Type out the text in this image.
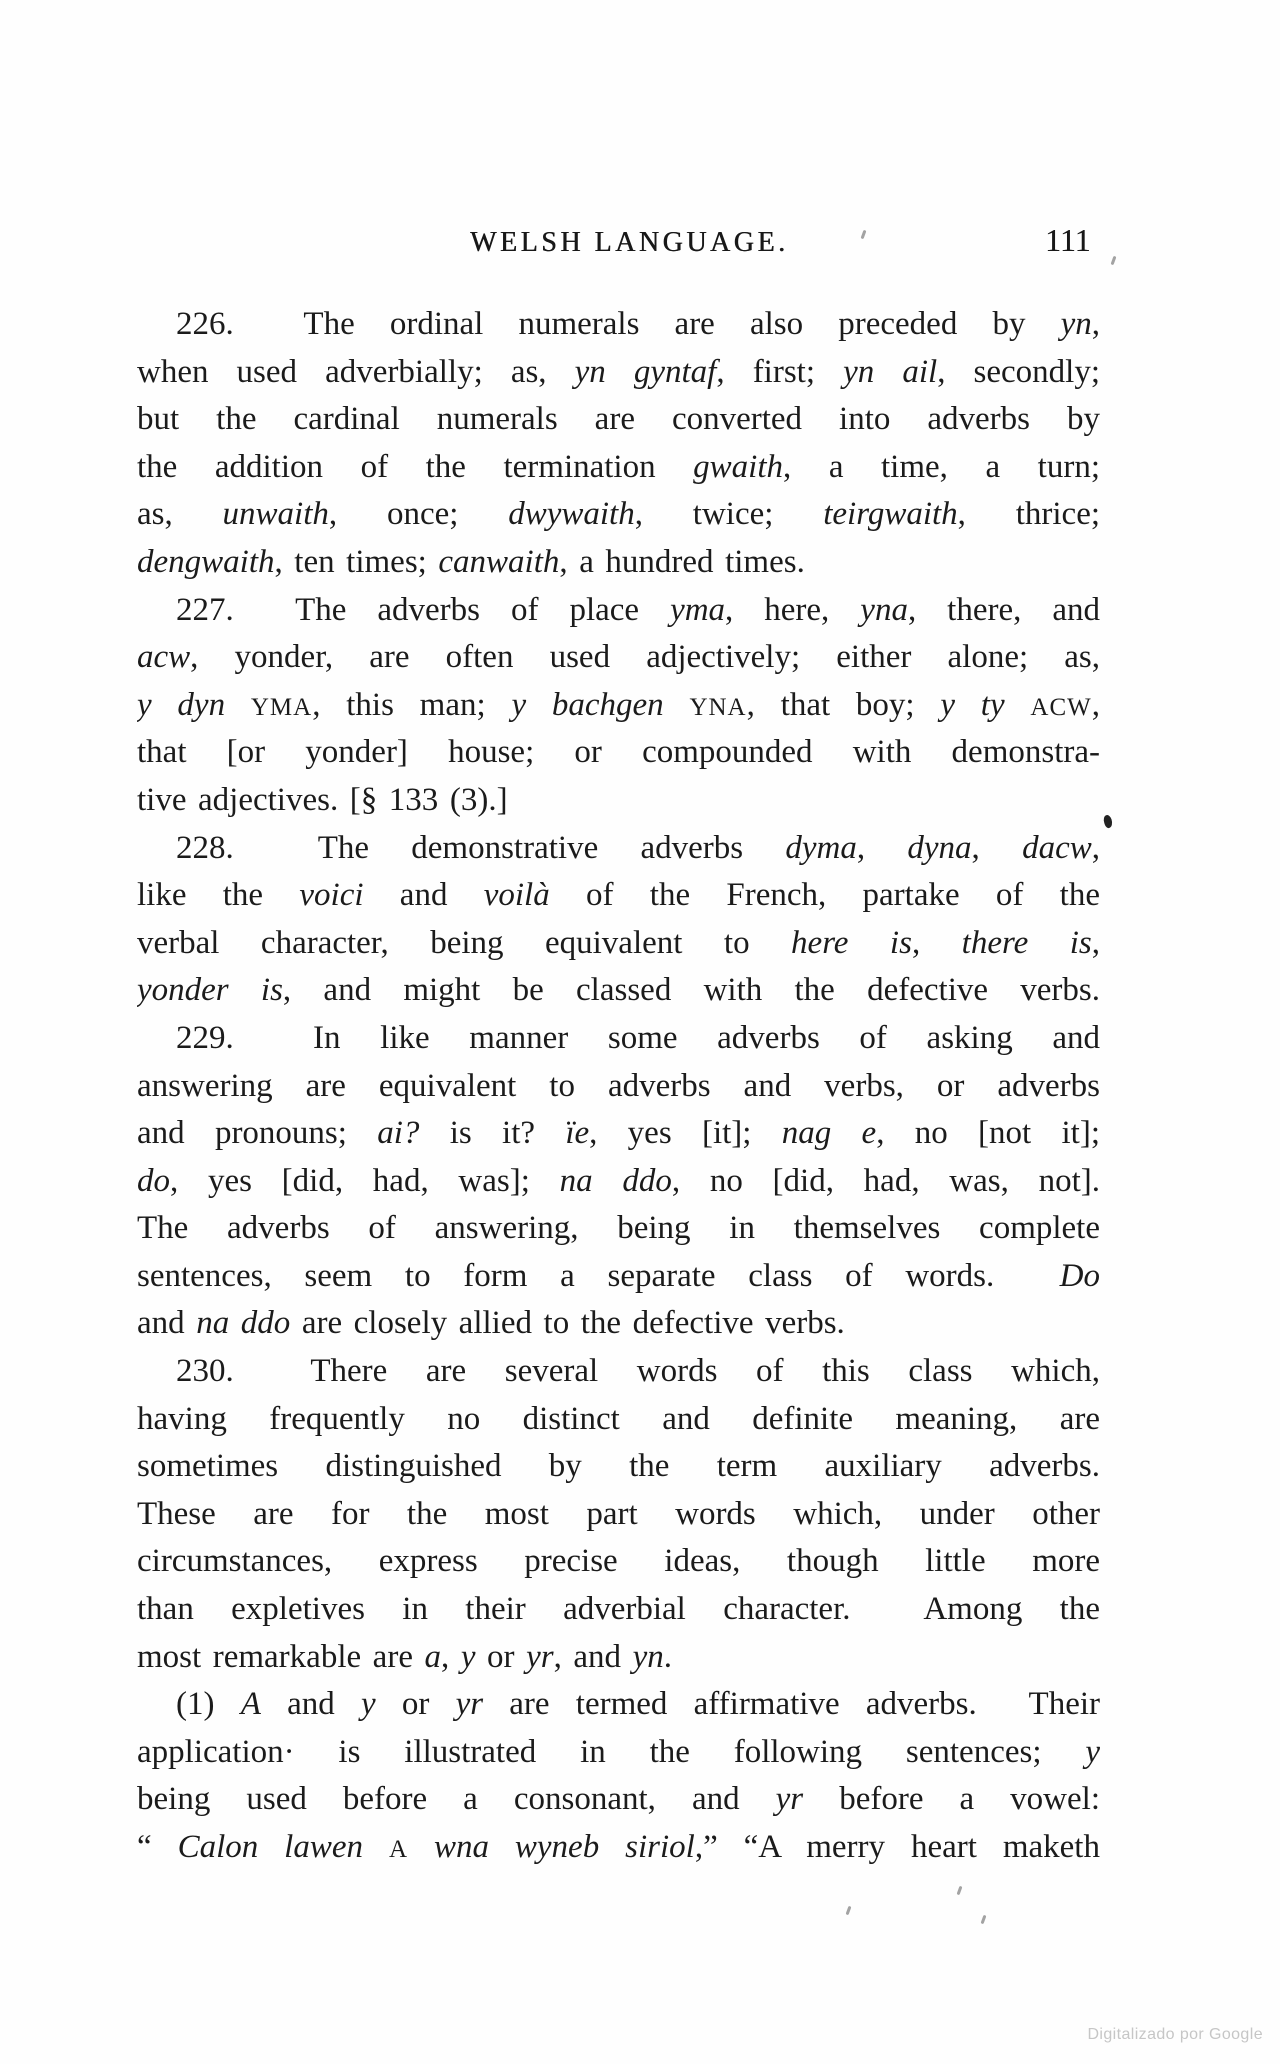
WELSH LANGUAGE.	111
226.  The ordinal numerals are also preceded by yn,
when used adverbially; as, yn gyntaf, first; yn ail, secondly;
but the cardinal numerals are converted into adverbs by
the addition of the termination gwaith, a time, a turn;
as, unwaith, once; dwywaith, twice; teirgwaith, thrice;
dengwaith, ten times; canwaith, a hundred times.
227.  The adverbs of place yma, here, yna, there, and
acw, yonder, are often used adjectively; either alone; as,
y dyn YMA, this man; y bachgen YNA, that boy; y ty ACW,
that [or yonder] house; or compounded with demonstra-
tive adjectives. [§ 133 (3).]
228.  The demonstrative adverbs dyma, dyna, dacw,
like the voici and voilà of the French, partake of the
verbal character, being equivalent to here is, there is,
yonder is, and might be classed with the defective verbs.
229.  In like manner some adverbs of asking and
answering are equivalent to adverbs and verbs, or adverbs
and pronouns; ai? is it? ïe, yes [it]; nag e, no [not it];
do, yes [did, had, was]; na ddo, no [did, had, was, not].
The adverbs of answering, being in themselves complete
sentences, seem to form a separate class of words.  Do
and na ddo are closely allied to the defective verbs.
230.  There are several words of this class which,
having frequently no distinct and definite meaning, are
sometimes distinguished by the term auxiliary adverbs.
These are for the most part words which, under other
circumstances, express precise ideas, though little more
than expletives in their adverbial character.  Among the
most remarkable are a, y or yr, and yn.
(1) A and y or yr are termed affirmative adverbs.  Their
application· is illustrated in the following sentences; y
being used before a consonant, and yr before a vowel:
“ Calon lawen A wna wyneb siriol,” “A merry heart maketh
Digitalizado por Google
